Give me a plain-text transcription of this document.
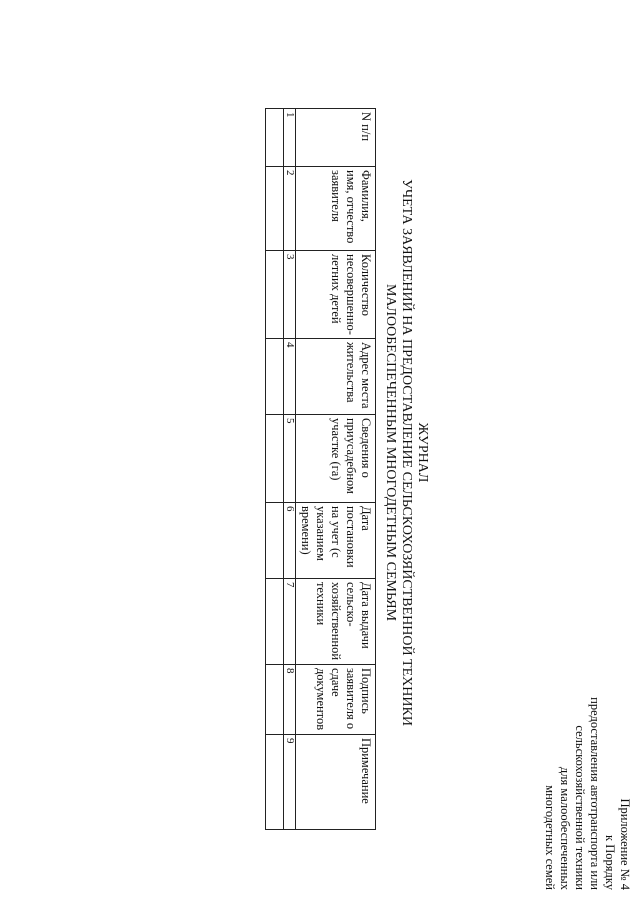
Приложение № 4
к Порядку
предоставления автотранспорта или
сельскохозяйственной техники
для малообеспеченных
многодетных семей
ЖУРНАЛ
УЧЕТА ЗАЯВЛЕНИЙ НА ПРЕДОСТАВЛЕНИЕ СЕЛЬСКОХОЗЯЙСТВЕННОЙ ТЕХНИКИ
МАЛООБЕСПЕЧЕННЫМ МНОГОДЕТНЫМ СЕМЬЯМ
N п/п	Фамилия, имя, отчество заявителя	Количество несовершенно-летних детей	Адрес места жительства	Сведения о приусадебном участке (га)	Дата постановки на учет (с указанием времени)	Дата выдачи сельско-хозяйственной техники	Подпись заявителя о сдаче документов	Примечание
1	2	3	4	5	6	7	8	9
